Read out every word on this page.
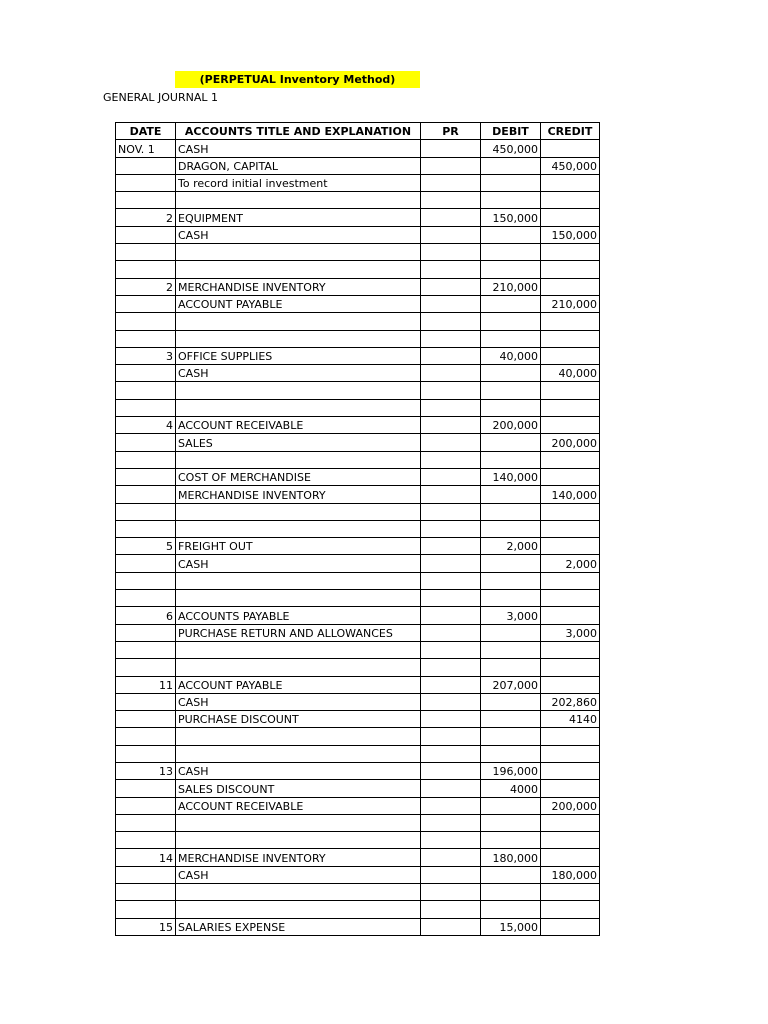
(PERPETUAL Inventory Method)
GENERAL JOURNAL 1
DATE	ACCOUNTS TITLE AND EXPLANATION	PR	DEBIT	CREDIT
NOV. 1	CASH		450,000	
	DRAGON, CAPITAL			450,000
	To record initial investment			

2	EQUIPMENT		150,000	
	CASH			150,000

2	MERCHANDISE INVENTORY		210,000	
	ACCOUNT PAYABLE			210,000

3	OFFICE SUPPLIES		40,000	
	CASH			40,000

4	ACCOUNT RECEIVABLE		200,000	
	SALES			200,000

	COST OF MERCHANDISE		140,000	
	MERCHANDISE INVENTORY			140,000

5	FREIGHT OUT		2,000	
	CASH			2,000

6	ACCOUNTS PAYABLE		3,000	
	PURCHASE RETURN AND ALLOWANCES			3,000

11	ACCOUNT PAYABLE		207,000	
	CASH			202,860
	PURCHASE DISCOUNT			4140

13	CASH		196,000	
	SALES DISCOUNT		4000	
	ACCOUNT RECEIVABLE			200,000

14	MERCHANDISE INVENTORY		180,000	
	CASH			180,000

15	SALARIES EXPENSE		15,000	
